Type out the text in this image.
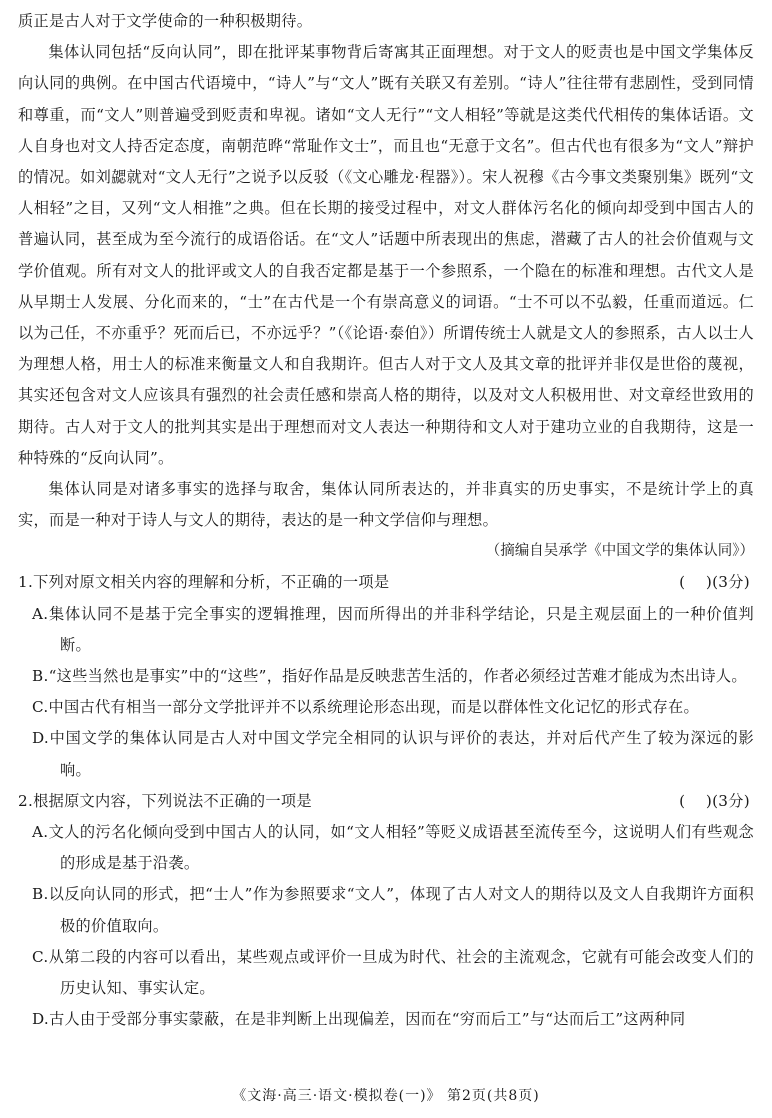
质正是古人对于文学使命的一种积极期待。

集体认同包括“反向认同”，即在批评某事物背后寄寓其正面理想。对于文人的贬责也是中国文学集体反向认同的典例。在中国古代语境中，“诗人”与“文人”既有关联又有差别。“诗人”往往带有悲剧性，受到同情和尊重，而“文人”则普遍受到贬责和卑视。诸如“文人无行”“文人相轻”等就是这类代代相传的集体话语。文人自身也对文人持否定态度，南朝范晔“常耻作文士”，而且也“无意于文名”。但古代也有很多为“文人”辩护的情况。如刘勰就对“文人无行”之说予以反驳（《文心雕龙·程器》）。宋人祝穆《古今事文类聚别集》既列“文人相轻”之目，又列“文人相推”之典。但在长期的接受过程中，对文人群体污名化的倾向却受到中国古人的普遍认同，甚至成为至今流行的成语俗话。在“文人”话题中所表现出的焦虑，潜藏了古人的社会价值观与文学价值观。所有对文人的批评或文人的自我否定都是基于一个参照系，一个隐在的标准和理想。古代文人是从早期士人发展、分化而来的，“士”在古代是一个有崇高意义的词语。“士不可以不弘毅，任重而道远。仁以为己任，不亦重乎？死而后已，不亦远乎？”（《论语·泰伯》）所谓传统士人就是文人的参照系，古人以士人为理想人格，用士人的标准来衡量文人和自我期许。但古人对于文人及其文章的批评并非仅是世俗的蔑视，其实还包含对文人应该具有强烈的社会责任感和崇高人格的期待，以及对文人积极用世、对文章经世致用的期待。古人对于文人的批判其实是出于理想而对文人表达一种期待和文人对于建功立业的自我期待，这是一种特殊的“反向认同”。

集体认同是对诸多事实的选择与取舍，集体认同所表达的，并非真实的历史事实，不是统计学上的真实，而是一种对于诗人与文人的期待，表达的是一种文学信仰与理想。

（摘编自吴承学《中国文学的集体认同》）

1.下列对原文相关内容的理解和分析，不正确的一项是	(    )(3分)

A.集体认同不是基于完全事实的逻辑推理，因而所得出的并非科学结论，只是主观层面上的一种价值判断。

B.“这些当然也是事实”中的“这些”，指好作品是反映悲苦生活的，作者必须经过苦难才能成为杰出诗人。

C.中国古代有相当一部分文学批评并不以系统理论形态出现，而是以群体性文化记忆的形式存在。

D.中国文学的集体认同是古人对中国文学完全相同的认识与评价的表达，并对后代产生了较为深远的影响。

2.根据原文内容，下列说法不正确的一项是	(    )(3分)

A.文人的污名化倾向受到中国古人的认同，如“文人相轻”等贬义成语甚至流传至今，这说明人们有些观念的形成是基于沿袭。

B.以反向认同的形式，把“士人”作为参照要求“文人”，体现了古人对文人的期待以及文人自我期许方面积极的价值取向。

C.从第二段的内容可以看出，某些观点或评价一旦成为时代、社会的主流观念，它就有可能会改变人们的历史认知、事实认定。

D.古人由于受部分事实蒙蔽，在是非判断上出现偏差，因而在“穷而后工”与“达而后工”这两种同

《文海·高三·语文·模拟卷(一)》 第2页(共8页)
